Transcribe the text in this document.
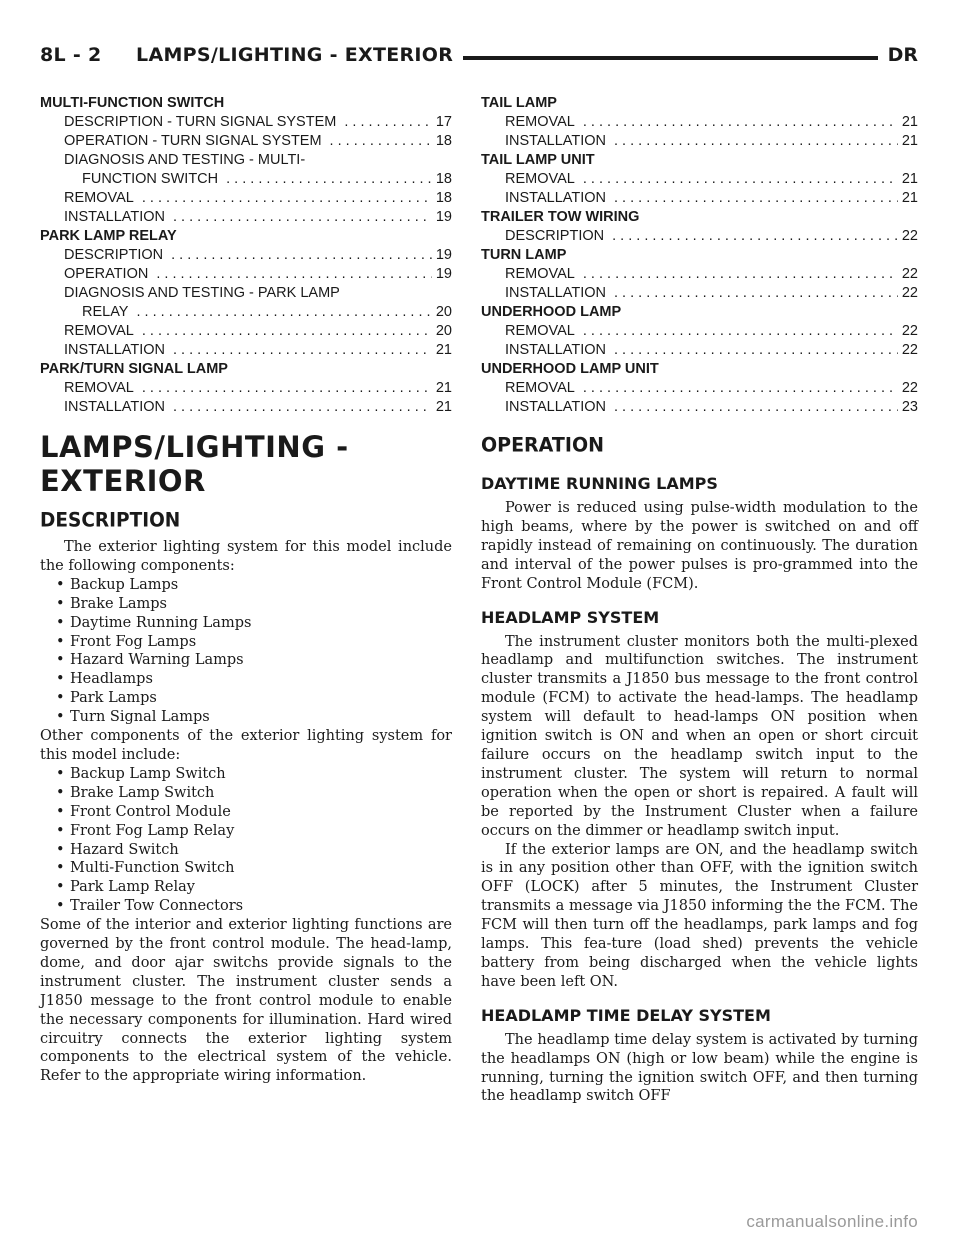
8L - 2     LAMPS/LIGHTING - EXTERIOR	DR
MULTI-FUNCTION SWITCH
DESCRIPTION - TURN SIGNAL SYSTEM . . .	17
OPERATION - TURN SIGNAL SYSTEM . . .	18
DIAGNOSIS AND TESTING - MULTI-
FUNCTION SWITCH . . .	18
REMOVAL . . .	18
INSTALLATION . . .	19
PARK LAMP RELAY
DESCRIPTION . . .	19
OPERATION . . .	19
DIAGNOSIS AND TESTING - PARK LAMP
RELAY . . .	20
REMOVAL . . .	20
INSTALLATION . . .	21
PARK/TURN SIGNAL LAMP
REMOVAL . . .	21
INSTALLATION . . .	21
TAIL LAMP
REMOVAL . . .	21
INSTALLATION . . .	21
TAIL LAMP UNIT
REMOVAL . . .	21
INSTALLATION . . .	21
TRAILER TOW WIRING
DESCRIPTION . . .	22
TURN LAMP
REMOVAL . . .	22
INSTALLATION . . .	22
UNDERHOOD LAMP
REMOVAL . . .	22
INSTALLATION . . .	22
UNDERHOOD LAMP UNIT
REMOVAL . . .	22
INSTALLATION . . .	23
LAMPS/LIGHTING - EXTERIOR
DESCRIPTION

The exterior lighting system for this model include the following components:

• Backup Lamps
• Brake Lamps
• Daytime Running Lamps
• Front Fog Lamps
• Hazard Warning Lamps
• Headlamps
• Park Lamps
• Turn Signal Lamps

Other components of the exterior lighting system for this model include:

• Backup Lamp Switch
• Brake Lamp Switch
• Front Control Module
• Front Fog Lamp Relay
• Hazard Switch
• Multi-Function Switch
• Park Lamp Relay
• Trailer Tow Connectors

Some of the interior and exterior lighting functions are governed by the front control module. The head-lamp, dome, and door ajar switchs provide signals to the instrument cluster. The instrument cluster sends a J1850 message to the front control module to enable the necessary components for illumination. Hard wired circuitry connects the exterior lighting system components to the electrical system of the vehicle. Refer to the appropriate wiring information.

OPERATION
DAYTIME RUNNING LAMPS

Power is reduced using pulse-width modulation to the high beams, where by the power is switched on and off rapidly instead of remaining on continuously. The duration and interval of the power pulses is pro-grammed into the Front Control Module (FCM).

HEADLAMP SYSTEM

The instrument cluster monitors both the multi-plexed headlamp and multifunction switches. The instrument cluster transmits a J1850 bus message to the front control module (FCM) to activate the head-lamps. The headlamp system will default to head-lamps ON position when ignition switch is ON and when an open or short circuit failure occurs on the headlamp switch input to the instrument cluster. The system will return to normal operation when the open or short is repaired. A fault will be reported by the Instrument Cluster when a failure occurs on the dimmer or headlamp switch input.

If the exterior lamps are ON, and the headlamp switch is in any position other than OFF, with the ignition switch OFF (LOCK) after 5 minutes, the Instrument Cluster transmits a message via J1850 informing the the FCM. The FCM will then turn off the headlamps, park lamps and fog lamps. This fea-ture (load shed) prevents the vehicle battery from being discharged when the vehicle lights have been left ON.

HEADLAMP TIME DELAY SYSTEM

The headlamp time delay system is activated by turning the headlamps ON (high or low beam) while the engine is running, turning the ignition switch OFF, and then turning the headlamp switch OFF

carmanualsonline.info
